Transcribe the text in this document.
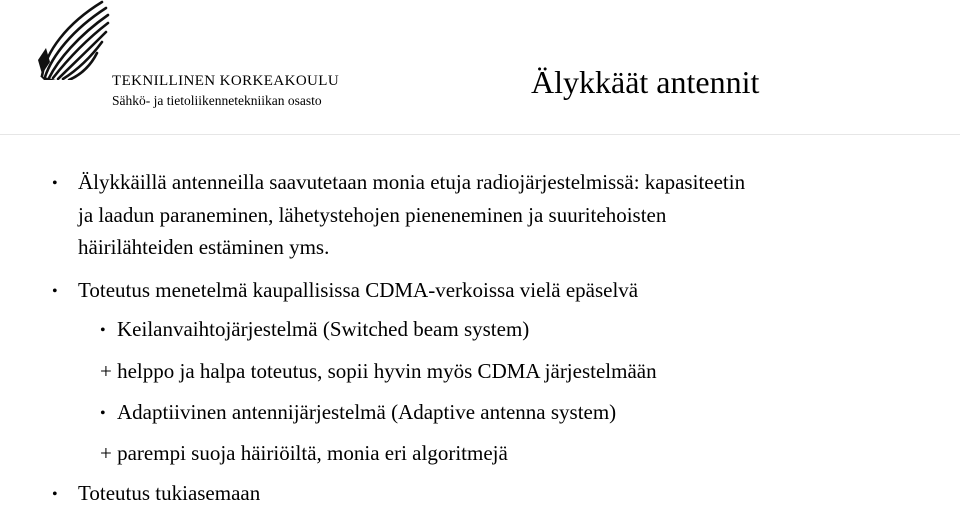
TEKNILLINEN KORKEAKOULU
Sähkö- ja tietoliikennetekniikan osasto
Älykkäät antennit
• Älykkäillä antenneilla saavutetaan monia etuja radiojärjestelmissä: kapasiteetin
ja laadun paraneminen, lähetystehojen pieneneminen ja suuritehoisten
häirilähteiden estäminen yms.
• Toteutus menetelmä kaupallisissa CDMA-verkoissa vielä epäselvä
• Keilanvaihtojärjestelmä (Switched beam system)
+ helppo ja halpa toteutus, sopii hyvin myös CDMA järjestelmään
• Adaptiivinen antennijärjestelmä (Adaptive antenna system)
+ parempi suoja häiriöiltä, monia eri algoritmejä
• Toteutus tukiasemaan
